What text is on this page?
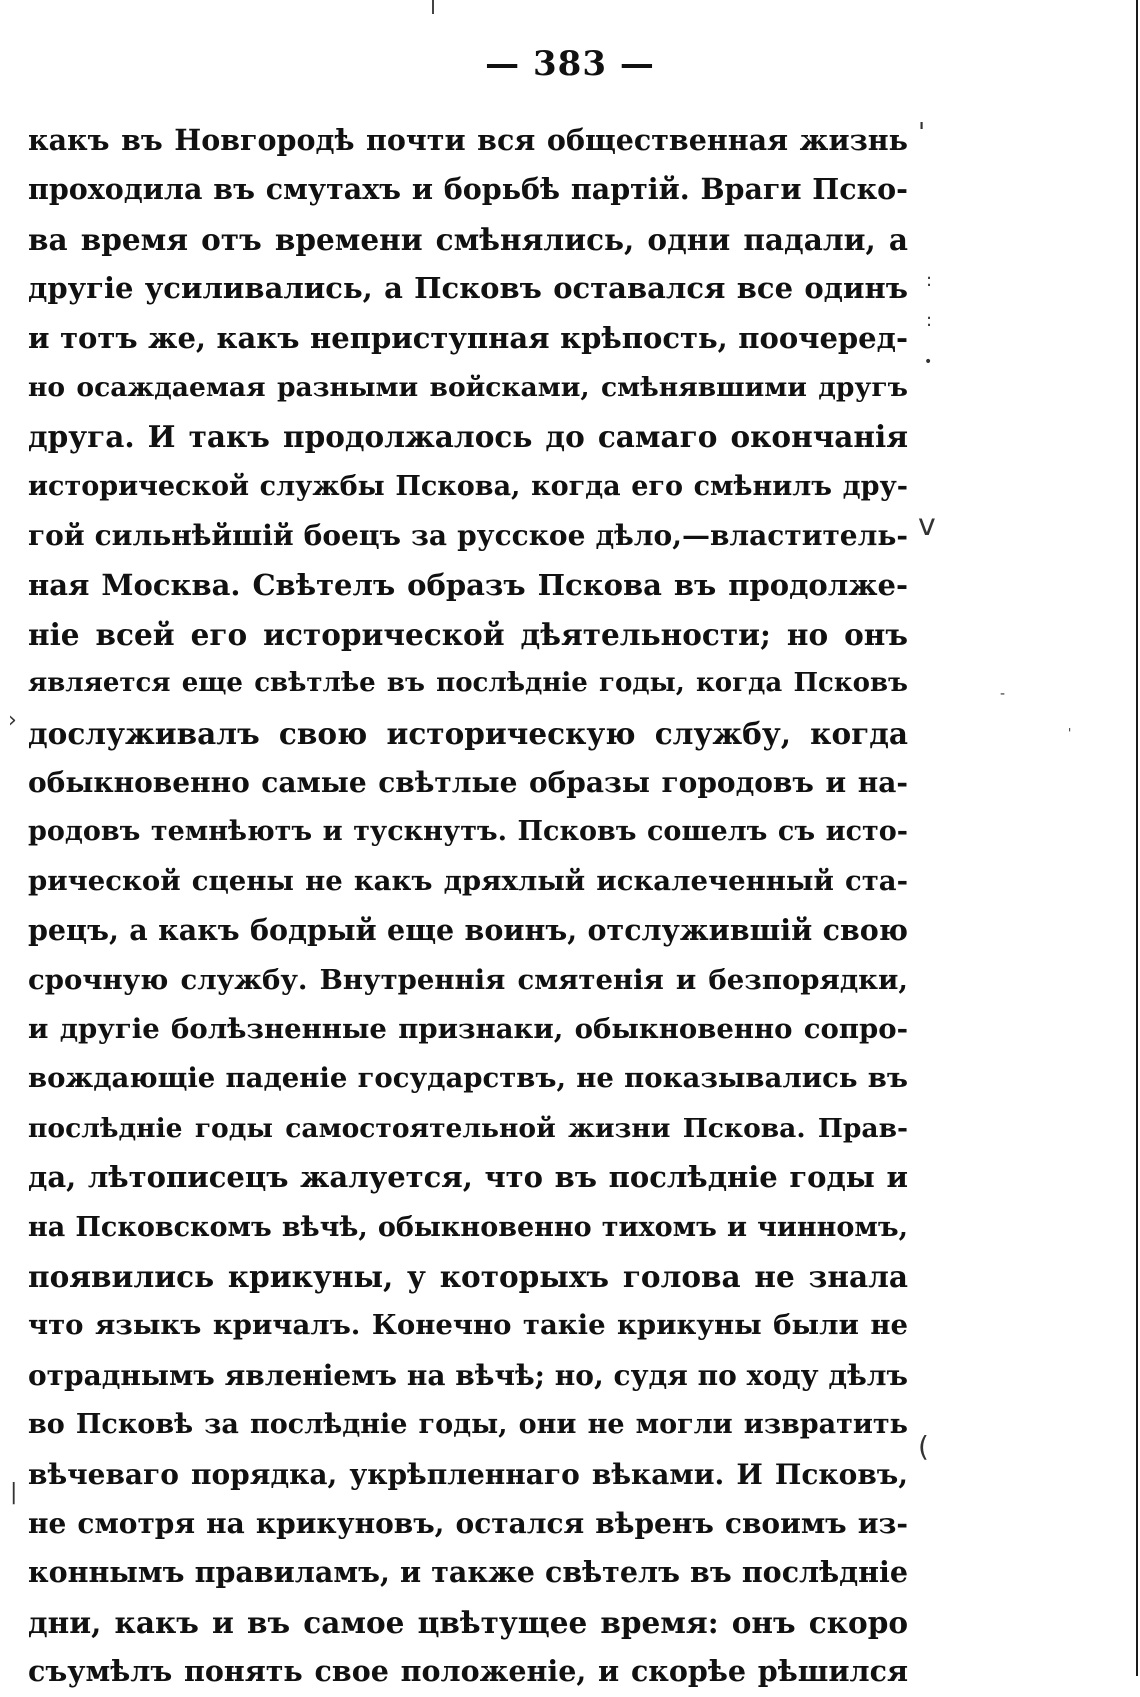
— 383 —
какъ въ Новгородѣ почти вся общественная жизнь
проходила въ смутахъ и борьбѣ партій. Враги Пско-
ва время отъ времени смѣнялись, одни падали, а
другіе усиливались, а Псковъ оставался все одинъ
и тотъ же, какъ неприступная крѣпость, поочеред-
но осаждаемая разными войсками, смѣнявшими другъ
друга. И такъ продолжалось до самаго окончанія
исторической службы Пскова, когда его смѣнилъ дру-
гой сильнѣйшій боецъ за русское дѣло,—властитель-
ная Москва. Свѣтелъ образъ Пскова въ продолже-
ніе всей его исторической дѣятельности; но онъ
является еще свѣтлѣе въ послѣдніе годы, когда Псковъ
дослуживалъ свою историческую службу, когда
обыкновенно самые свѣтлые образы городовъ и на-
родовъ темнѣютъ и тускнутъ. Псковъ сошелъ съ исто-
рической сцены не какъ дряхлый искалеченный ста-
рецъ, а какъ бодрый еще воинъ, отслужившій свою
срочную службу. Внутреннія смятенія и безпорядки,
и другіе болѣзненные признаки, обыкновенно сопро-
вождающіе паденіе государствъ, не показывались въ
послѣдніе годы самостоятельной жизни Пскова. Прав-
да, лѣтописецъ жалуется, что въ послѣдніе годы и
на Псковскомъ вѣчѣ, обыкновенно тихомъ и чинномъ,
появились крикуны, у которыхъ голова не знала
что языкъ кричалъ. Конечно такіе крикуны были не
отраднымъ явленіемъ на вѣчѣ; но, судя по ходу дѣлъ
во Псковѣ за послѣдніе годы, они не могли извратить
вѣчеваго порядка, укрѣпленнаго вѣками. И Псковъ,
не смотря на крикуновъ, остался вѣренъ своимъ из-
коннымъ правиламъ, и также свѣтелъ въ послѣдніе
дни, какъ и въ самое цвѣтущее время: онъ скоро
съумѣлъ понять свое положеніе, и скорѣе рѣшился
'
:
:
•
v
-
'
›
(
|
